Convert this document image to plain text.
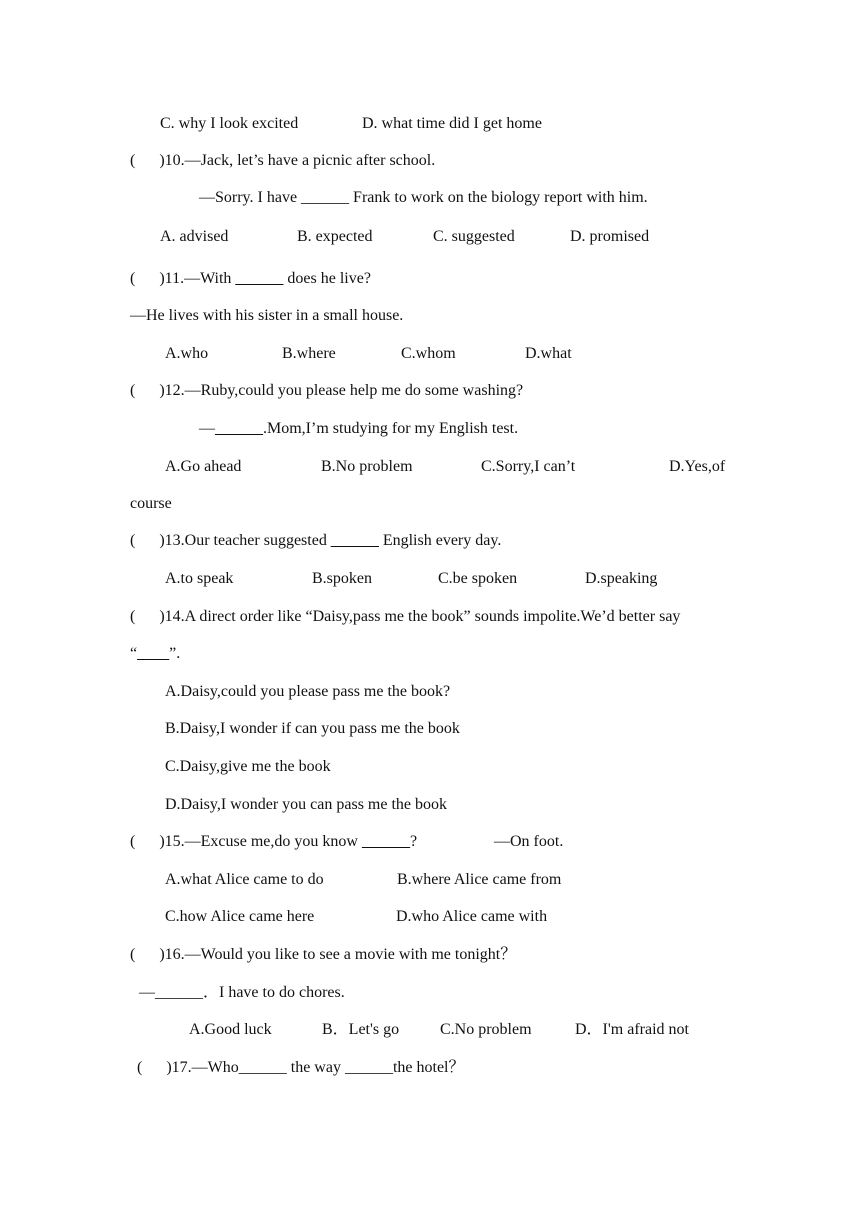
C. why I look excited	D. what time did I get home
(      )10.—Jack, let’s have a picnic after school.
—Sorry. I have ______ Frank to work on the biology report with him.
A. advised	B. expected	C. suggested	D. promised
(      )11.—With ______ does he live?
—He lives with his sister in a small house.
A.who	B.where	C.whom	D.what
(      )12.—Ruby,could you please help me do some washing?
—______.Mom,I’m studying for my English test.
A.Go ahead	B.No problem	C.Sorry,I can’t	D.Yes,of
course
(      )13.Our teacher suggested ______ English every day.
A.to speak	B.spoken	C.be spoken	D.speaking
(      )14.A direct order like “Daisy,pass me the book” sounds impolite.We’d better say
“____”.
A.Daisy,could you please pass me the book?
B.Daisy,I wonder if can you pass me the book
C.Daisy,give me the book
D.Daisy,I wonder you can pass me the book
(      )15.—Excuse me,do you know ______?	—On foot.
A.what Alice came to do	B.where Alice came from
C.how Alice came here	D.who Alice came with
(      )16.—Would you like to see a movie with me tonight？
—______．I have to do chores.
A.Good luck	B．Let's go	C.No problem	D．I'm afraid not
(      )17.—Who______ the way ______the hotel？
